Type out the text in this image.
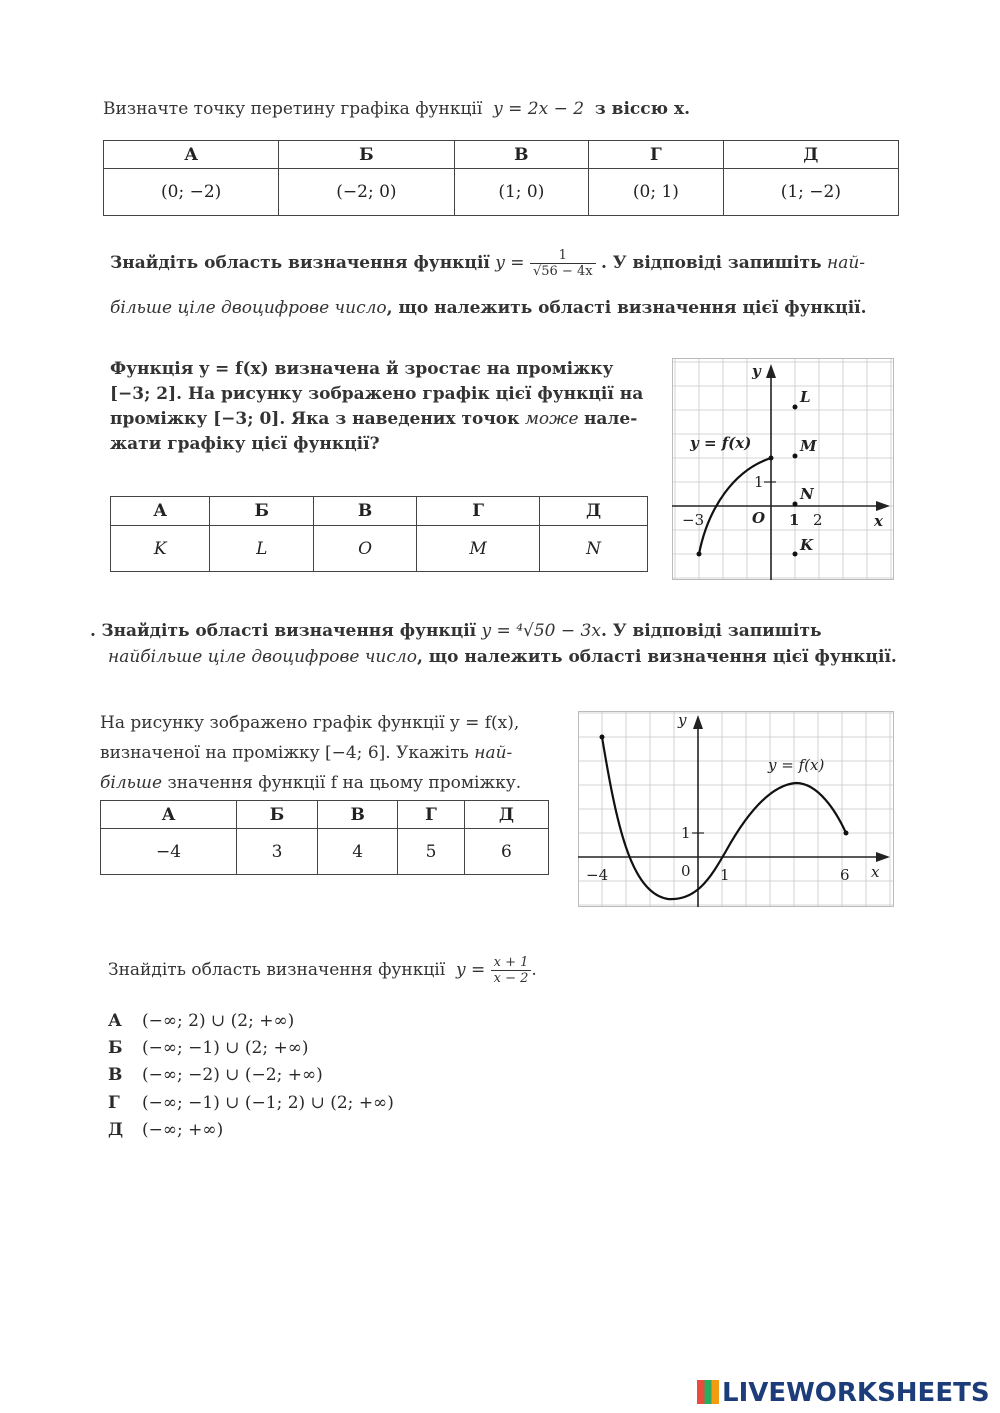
Визначте точку перетину графіка функції y = 2x − 2 з віссю x.
А	Б	В	Г	Д
(0; −2)	(−2; 0)	(1; 0)	(0; 1)	(1; −2)
Знайдіть область визначення функції $y = \frac{1}{√56 - 4x}$ . У відповіді запишіть най-
більше ціле двоцифрове число, що належить області визначення цієї функції.
Функція y = f(x) визначена й зростає на проміжку
[−3; 2]. На рисунку зображено графік цієї функції на
проміжку [−3; 0]. Яка з наведених точок може нале-
жати графіку цієї функції?
А	Б	В	Г	Д
K	L	O	M	N
y
x
y = f(x)
1
−3	O 1 2
L
M
N
K
. Знайдіть області визначення функції y = ⁴√50 − 3x. У відповіді запишіть
найбільше ціле двоцифрове число, що належить області визначення цієї функції.
На рисунку зображено графік функції y = f(x),
визначеної на проміжку [−4; 6]. Укажіть най-
більше значення функції f на цьому проміжку.
А	Б	В	Г	Д
−4	3	4	5	6
y
x
y = f(x)
1
−4	0 1	6
Знайдіть область визначення функції $y = \frac{x + 1}{x - 2}$ .
А (−∞; 2) ∪ (2; +∞)
Б (−∞; −1) ∪ (2; +∞)
В (−∞; −2) ∪ (−2; +∞)
Г (−∞; −1) ∪ (−1; 2) ∪ (2; +∞)
Д (−∞; +∞)
LIVEWORKSHEETS
